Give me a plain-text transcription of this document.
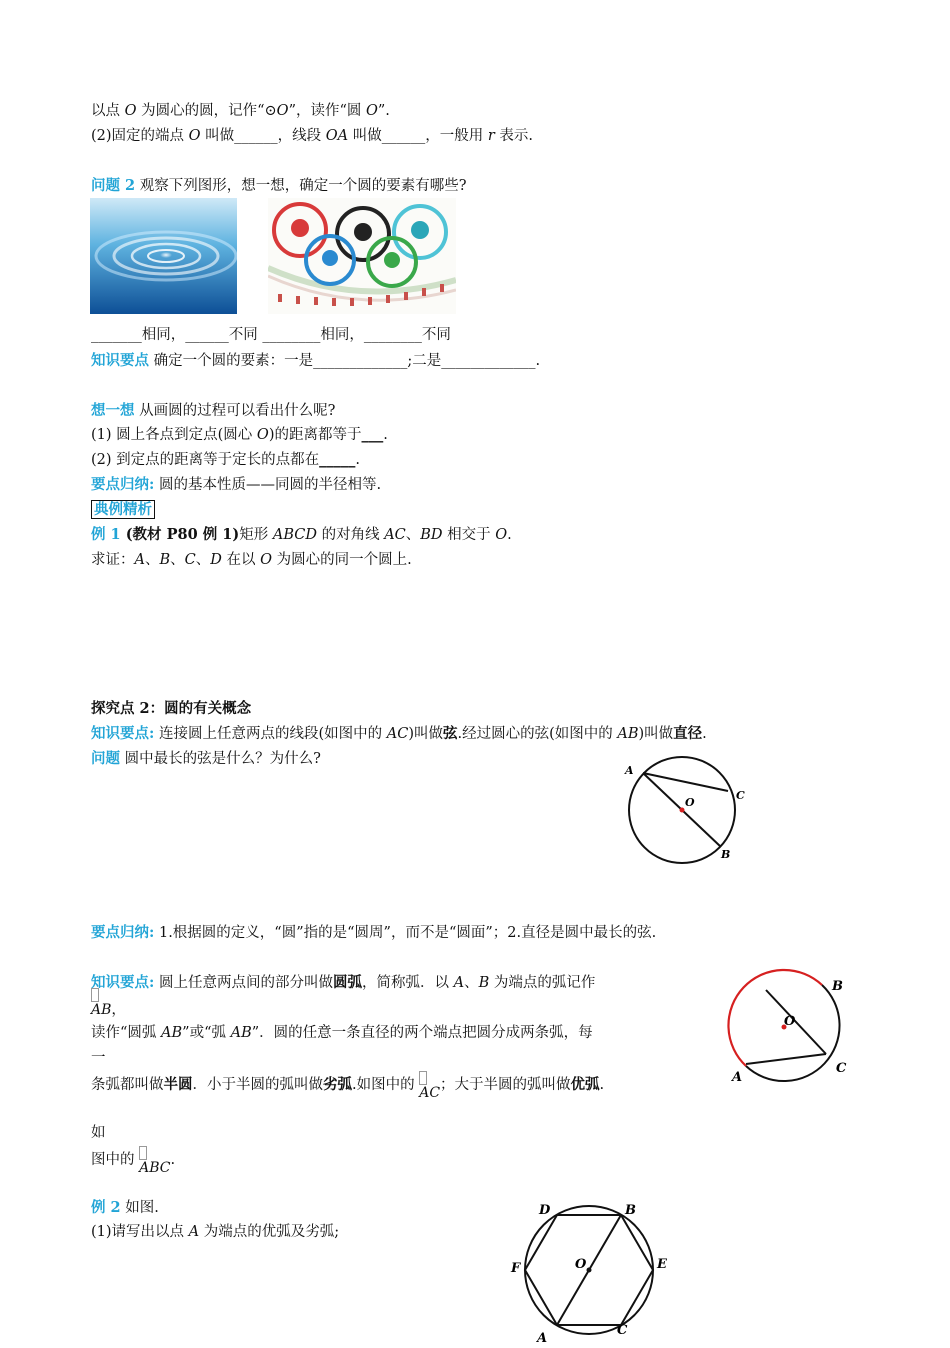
以点 O 为圆心的圆，记作“⊙O”，读作“圆 O”.
(2)固定的端点 O 叫做______，线段 OA 叫做______，一般用 r 表示.
问题 2 观察下列图形，想一想，确定一个圆的要素有哪些?
_______相同，______不同 ________相同，________不同
知识要点 确定一个圆的要素：一是_____________;二是_____________.
想一想 从画圆的过程可以看出什么呢?
(1) 圆上各点到定点(圆心 O)的距离都等于___.
(2) 到定点的距离等于定长的点都在_____.
要点归纳: 圆的基本性质——同圆的半径相等.
典例精析
例 1 (教材 P80 例 1)矩形 ABCD 的对角线 AC、BD 相交于 O.
求证：A、B、C、D 在以 O 为圆心的同一个圆上.
探究点 2：圆的有关概念
知识要点: 连接圆上任意两点的线段(如图中的 AC)叫做弦.经过圆心的弦(如图中的 AB)叫做直径.
问题 圆中最长的弦是什么？为什么?
A
C
O
B
要点归纳: 1.根据圆的定义，“圆”指的是“圆周”，而不是“圆面”；2.直径是圆中最长的弦.
知识要点: 圆上任意两点间的部分叫做圆弧，简称弧．以 A、B 为端点的弧记作
AB，
读作“圆弧 AB”或“弧 AB”．圆的任意一条直径的两个端点把圆分成两条弧，每
一
条弧都叫做半圆．小于半圆的弧叫做劣弧.如图中的
AC；大于半圆的弧叫做优弧.
如
图中的
ABC.
B
O
A
C
例 2 如图.
(1)请写出以点 A 为端点的优弧及劣弧;
D	B
F	O	E
A
C
